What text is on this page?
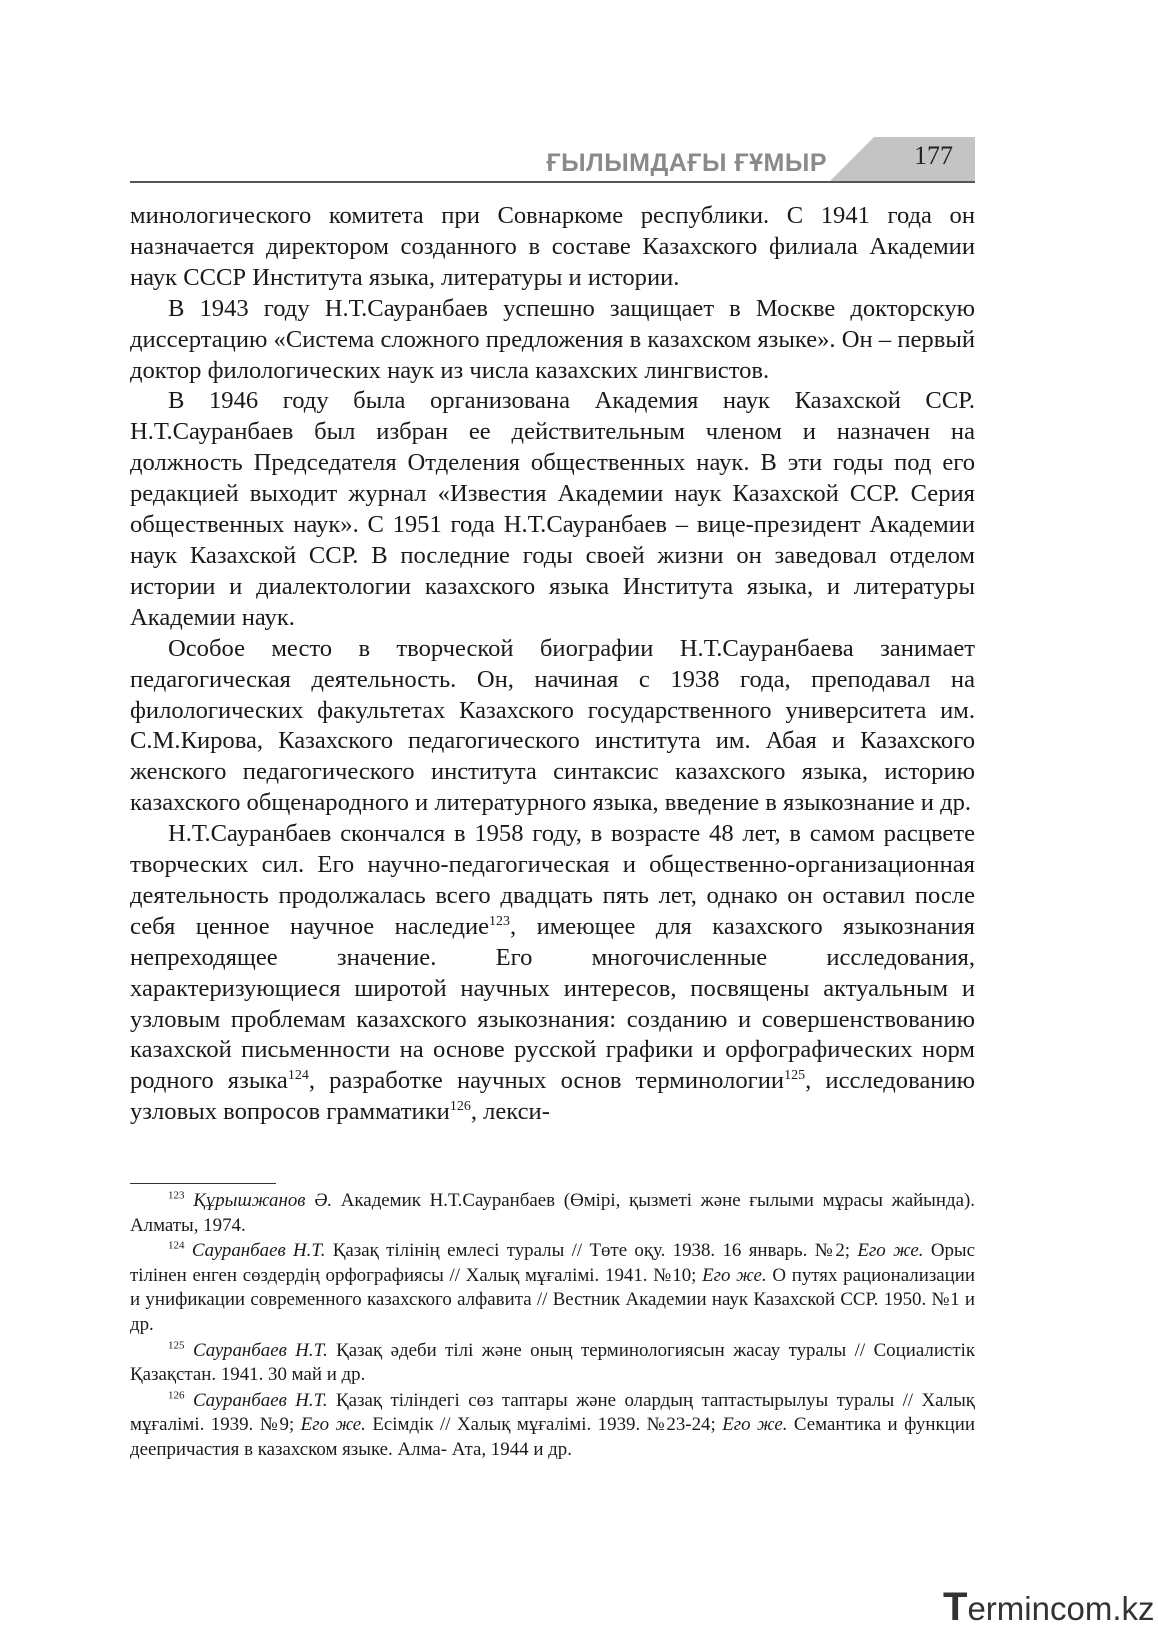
ҒЫЛЫМДАҒЫ ҒҰМЫР	177

минологического комитета при Совнаркоме республики. С 1941 года он назначается директором созданного в составе Казахского филиала Академии наук СССР Института языка, литературы и истории.

В 1943 году Н.Т.Сауранбаев успешно защищает в Москве докторскую диссертацию «Система сложного предложения в казахском языке». Он – первый доктор филологических наук из числа казахских лингвистов.

В 1946 году была организована Академия наук Казахской ССР. Н.Т.Сауранбаев был избран ее действительным членом и назначен на должность Председателя Отделения общественных наук. В эти годы под его редакцией выходит журнал «Известия Академии наук Казахской ССР. Серия общественных наук». С 1951 года Н.Т.Сауранбаев – вице-президент Академии наук Казахской ССР. В последние годы своей жизни он заведовал отделом истории и диалектологии казахского языка Института языка, и литературы Академии наук.

Особое место в творческой биографии Н.Т.Сауранбаева занимает педагогическая деятельность. Он, начиная с 1938 года, преподавал на филологических факультетах Казахского государственного университета им. С.М.Кирова, Казахского педагогического института им. Абая и Казахского женского педагогического института синтаксис казахского языка, историю казахского общенародного и литературного языка, введение в языкознание и др.

Н.Т.Сауранбаев скончался в 1958 году, в возрасте 48 лет, в самом расцвете творческих сил. Его научно-педагогическая и общественно-организационная деятельность продолжалась всего двадцать пять лет, однако он оставил после себя ценное научное наследие$^{123}$, имеющее для казахского языкознания непреходящее значение. Его многочисленные исследования, характеризующиеся широтой научных интересов, посвящены актуальным и узловым проблемам казахского языкознания: созданию и совершенствованию казахской письменности на основе русской графики и орфографических норм родного языка$^{124}$, разработке научных основ терминологии$^{125}$, исследованию узловых вопросов грамматики$^{126}$, лекси-

$^{123}$ Құрышжанов Ә. Академик Н.Т.Сауранбаев (Өмірі, қызметі және ғылыми мұрасы жайында). Алматы, 1974.

$^{124}$ Сауранбаев Н.Т. Қазақ тілінің емлесі туралы // Төте оқу. 1938. 16 январь. №2; Его же. Орыс тілінен енген сөздердің орфографиясы // Халық мұғалімі. 1941. №10; Его же. О путях рационализации и унификации современного казахского алфавита // Вестник Академии наук Казахской ССР. 1950. №1 и др.

$^{125}$ Сауранбаев Н.Т. Қазақ әдеби тілі және оның терминологиясын жасау туралы // Социалистік Қазақстан. 1941. 30 май и др.

$^{126}$ Сауранбаев Н.Т. Қазақ тіліндегі сөз таптары және олардың таптастырылуы туралы // Халық мұғалімі. 1939. №9; Его же. Есімдік // Халық мұғалімі. 1939. №23-24; Его же. Семантика и функции деепричастия в казахском языке. Алма- Ата, 1944 и др.

Termincom.kz
